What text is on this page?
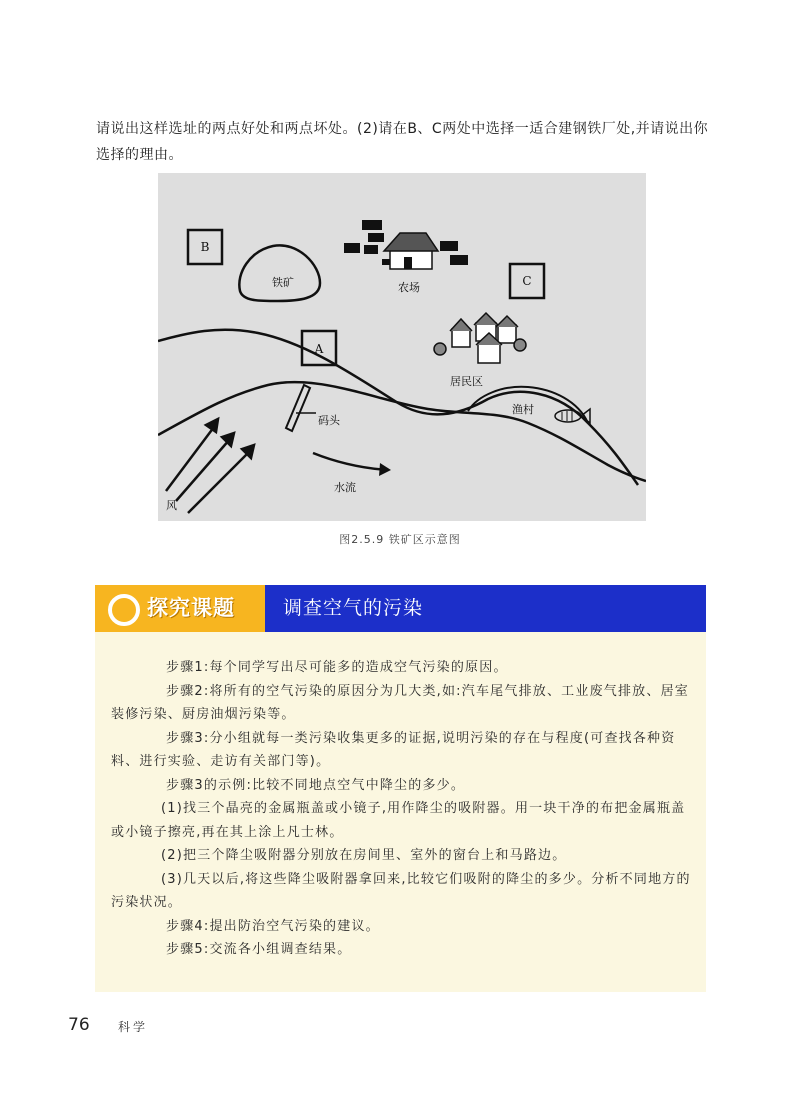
请说出这样选址的两点好处和两点坏处。(2)请在B、C两处中选择一适合建钢铁厂处,并请说出你选择的理由。
B
C
A
铁矿	农场
居民区
渔村
码头
水流
风
图2.5.9 铁矿区示意图
探究课题	调查空气的污染

步骤1:每个同学写出尽可能多的造成空气污染的原因。

步骤2:将所有的空气污染的原因分为几大类,如:汽车尾气排放、工业废气排放、居室装修污染、厨房油烟污染等。

步骤3:分小组就每一类污染收集更多的证据,说明污染的存在与程度(可查找各种资料、进行实验、走访有关部门等)。

步骤3的示例:比较不同地点空气中降尘的多少。

(1)找三个晶亮的金属瓶盖或小镜子,用作降尘的吸附器。用一块干净的布把金属瓶盖或小镜子擦亮,再在其上涂上凡士林。

(2)把三个降尘吸附器分别放在房间里、室外的窗台上和马路边。

(3)几天以后,将这些降尘吸附器拿回来,比较它们吸附的降尘的多少。分析不同地方的污染状况。

步骤4:提出防治空气污染的建议。

步骤5:交流各小组调查结果。

76 科学
